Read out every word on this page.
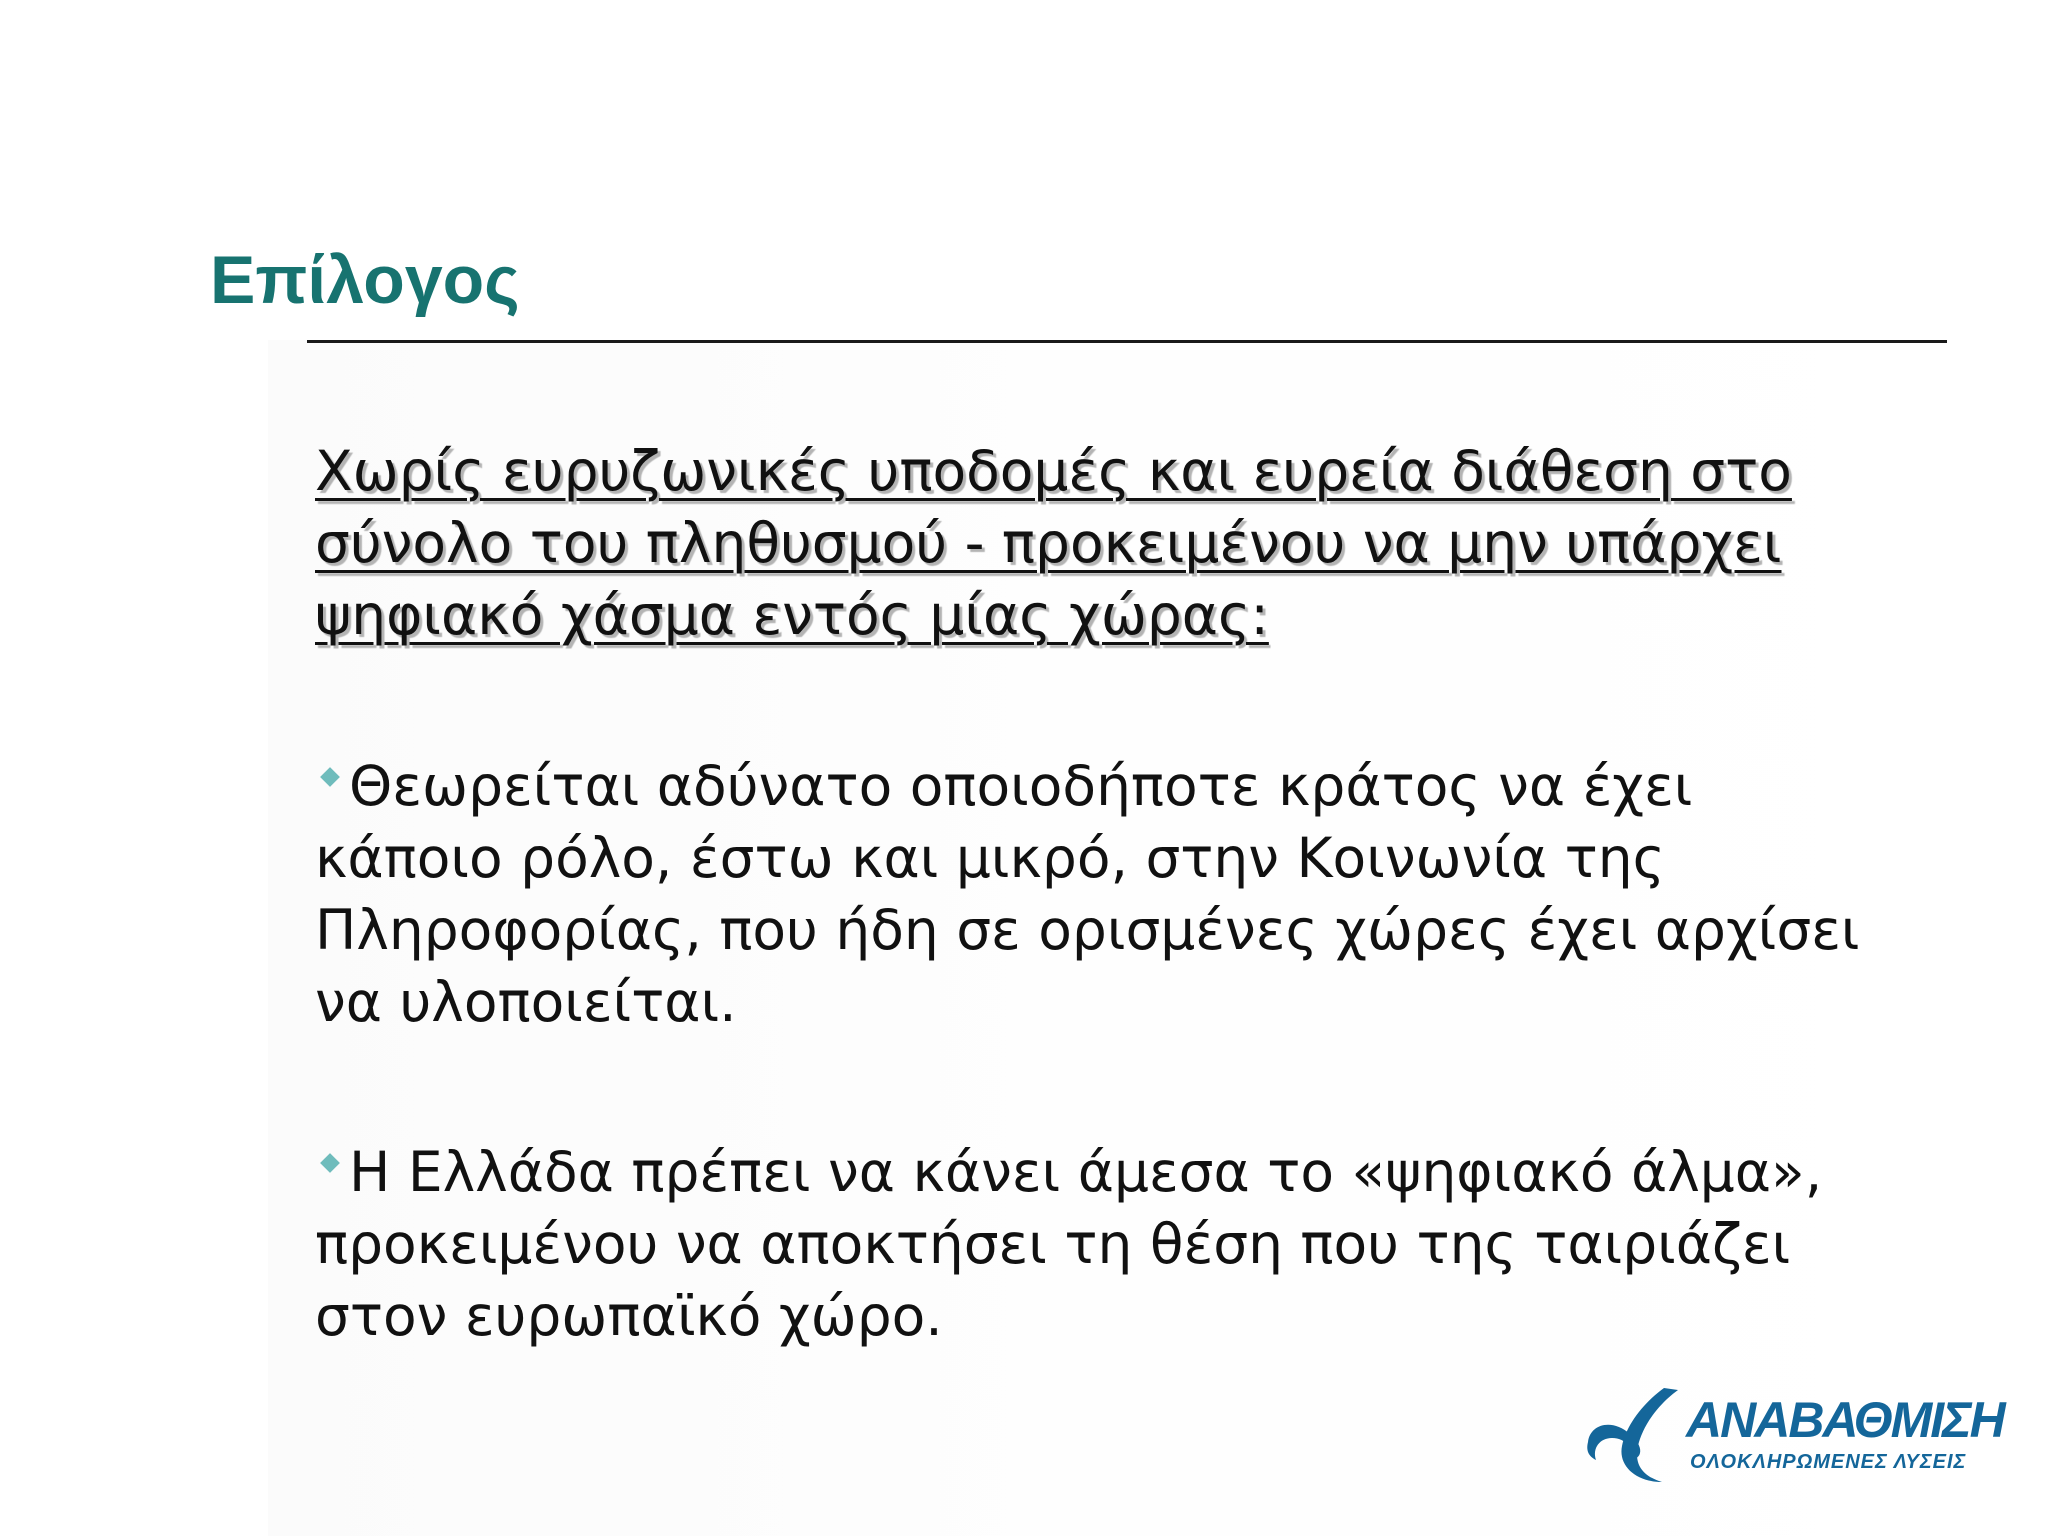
Επίλογος

Χωρίς ευρυζωνικές υποδομές και ευρεία διάθεση στο σύνολο του πληθυσμού - προκειμένου να μην υπάρχει ψηφιακό χάσμα εντός μίας χώρας:

Θεωρείται αδύνατο οποιοδήποτε κράτος να έχει κάποιο ρόλο, έστω και μικρό, στην Κοινωνία της Πληροφορίας, που ήδη σε ορισμένες χώρες έχει αρχίσει να υλοποιείται.

Η Ελλάδα πρέπει να κάνει άμεσα το «ψηφιακό άλμα», προκειμένου να αποκτήσει τη θέση που της ταιριάζει στον ευρωπαϊκό χώρο.

ΑΝΑΒΑΘΜΙΣΗ
ΟΛΟΚΛΗΡΩΜΕΝΕΣ ΛΥΣΕΙΣ
